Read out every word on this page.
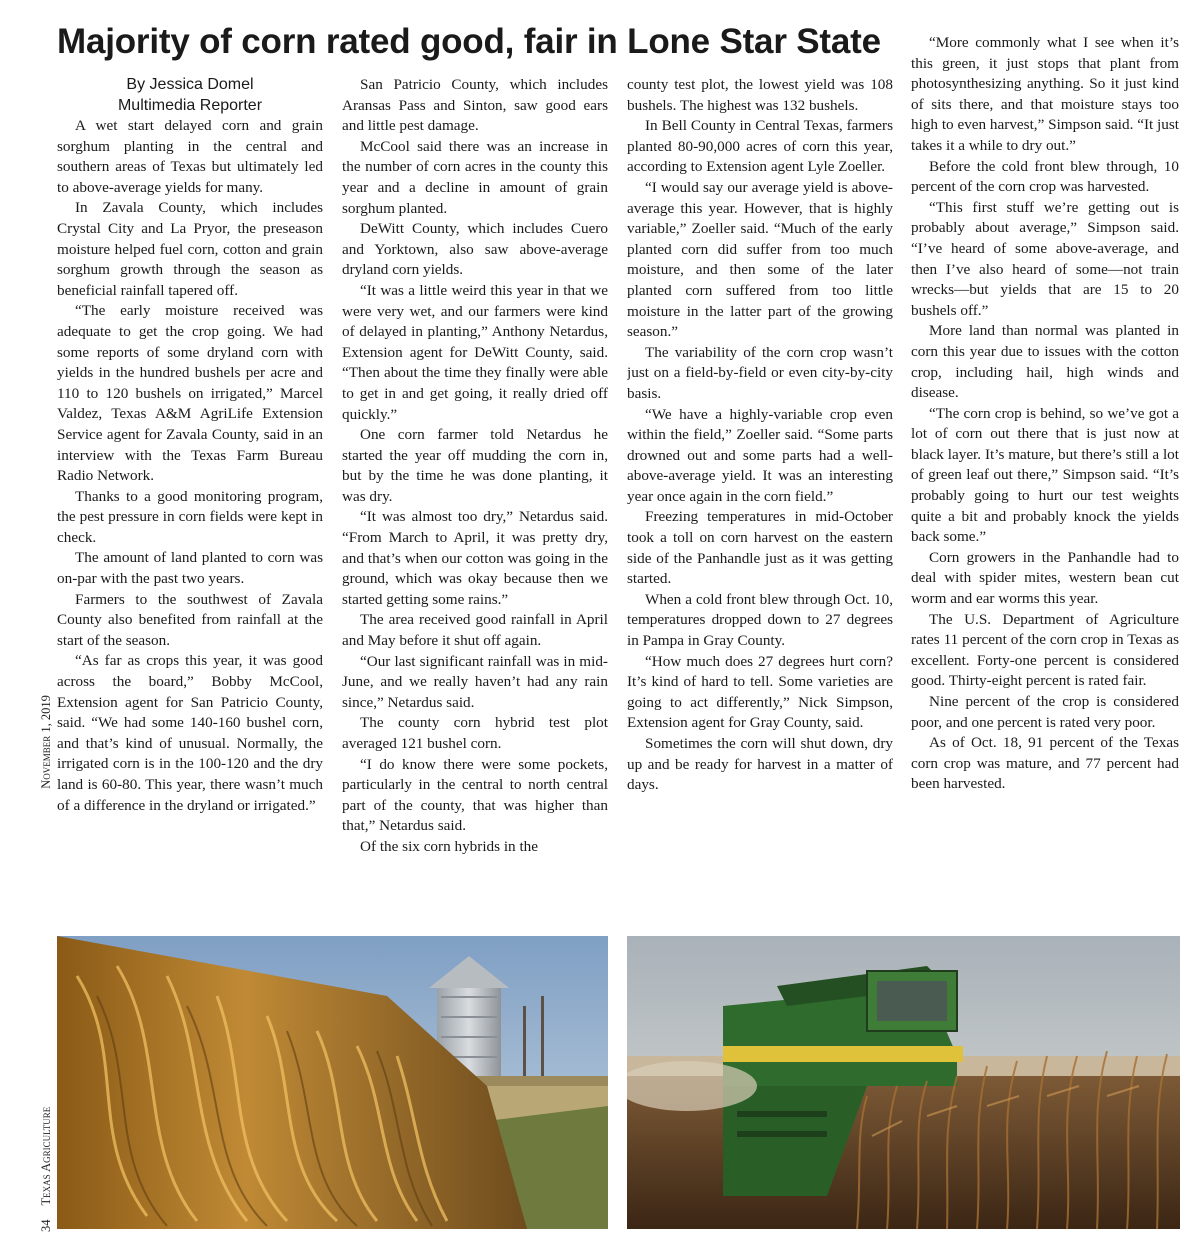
Majority of corn rated good, fair in Lone Star State
By Jessica Domel
Multimedia Reporter

A wet start delayed corn and grain sorghum planting in the central and southern areas of Texas but ultimately led to above-average yields for many.

In Zavala County, which includes Crystal City and La Pryor, the preseason moisture helped fuel corn, cotton and grain sorghum growth through the season as beneficial rainfall tapered off.

“The early moisture received was adequate to get the crop going. We had some reports of some dryland corn with yields in the hundred bushels per acre and 110 to 120 bushels on irrigated,” Marcel Valdez, Texas A&M AgriLife Extension Service agent for Zavala County, said in an interview with the Texas Farm Bureau Radio Network.

Thanks to a good monitoring program, the pest pressure in corn fields were kept in check.

The amount of land planted to corn was on-par with the past two years.

Farmers to the southwest of Zavala County also benefited from rainfall at the start of the season.

“As far as crops this year, it was good across the board,” Bobby McCool, Extension agent for San Patricio County, said. “We had some 140-160 bushel corn, and that’s kind of unusual. Normally, the irrigated corn is in the 100-120 and the dry land is 60-80. This year, there wasn’t much of a difference in the dryland or irrigated.”

San Patricio County, which includes Aransas Pass and Sinton, saw good ears and little pest damage.

McCool said there was an increase in the number of corn acres in the county this year and a decline in amount of grain sorghum planted.

DeWitt County, which includes Cuero and Yorktown, also saw above-average dryland corn yields.

“It was a little weird this year in that we were very wet, and our farmers were kind of delayed in planting,” Anthony Netardus, Extension agent for DeWitt County, said. “Then about the time they finally were able to get in and get going, it really dried off quickly.”

One corn farmer told Netardus he started the year off mudding the corn in, but by the time he was done planting, it was dry.

“It was almost too dry,” Netardus said. “From March to April, it was pretty dry, and that’s when our cotton was going in the ground, which was okay because then we started getting some rains.”

The area received good rainfall in April and May before it shut off again.

“Our last significant rainfall was in mid-June, and we really haven’t had any rain since,” Netardus said.

The county corn hybrid test plot averaged 121 bushel corn.

“I do know there were some pockets, particularly in the central to north central part of the county, that was higher than that,” Netardus said.

Of the six corn hybrids in the

county test plot, the lowest yield was 108 bushels. The highest was 132 bushels.

In Bell County in Central Texas, farmers planted 80-90,000 acres of corn this year, according to Extension agent Lyle Zoeller.

“I would say our average yield is above-average this year. However, that is highly variable,” Zoeller said. “Much of the early planted corn did suffer from too much moisture, and then some of the later planted corn suffered from too little moisture in the latter part of the growing season.”

The variability of the corn crop wasn’t just on a field-by-field or even city-by-city basis.

“We have a highly-variable crop even within the field,” Zoeller said. “Some parts drowned out and some parts had a well-above-average yield. It was an interesting year once again in the corn field.”

Freezing temperatures in mid-October took a toll on corn harvest on the eastern side of the Panhandle just as it was getting started.

When a cold front blew through Oct. 10, temperatures dropped down to 27 degrees in Pampa in Gray County.

“How much does 27 degrees hurt corn? It’s kind of hard to tell. Some varieties are going to act differently,” Nick Simpson, Extension agent for Gray County, said.

Sometimes the corn will shut down, dry up and be ready for harvest in a matter of days.

“More commonly what I see when it’s this green, it just stops that plant from photosynthesizing anything. So it just kind of sits there, and that moisture stays too high to even harvest,” Simpson said. “It just takes it a while to dry out.”

Before the cold front blew through, 10 percent of the corn crop was harvested.

“This first stuff we’re getting out is probably about average,” Simpson said. “I’ve heard of some above-average, and then I’ve also heard of some—not train wrecks—but yields that are 15 to 20 bushels off.”

More land than normal was planted in corn this year due to issues with the cotton crop, including hail, high winds and disease.

“The corn crop is behind, so we’ve got a lot of corn out there that is just now at black layer. It’s mature, but there’s still a lot of green leaf out there,” Simpson said. “It’s probably going to hurt our test weights quite a bit and probably knock the yields back some.”

Corn growers in the Panhandle had to deal with spider mites, western bean cut worm and ear worms this year.

The U.S. Department of Agriculture rates 11 percent of the corn crop in Texas as excellent. Forty-one percent is considered good. Thirty-eight percent is rated fair.

Nine percent of the crop is considered poor, and one percent is rated very poor.

As of Oct. 18, 91 percent of the Texas corn crop was mature, and 77 percent had been harvested.

34Texas AgricultureNovember 1, 2019
